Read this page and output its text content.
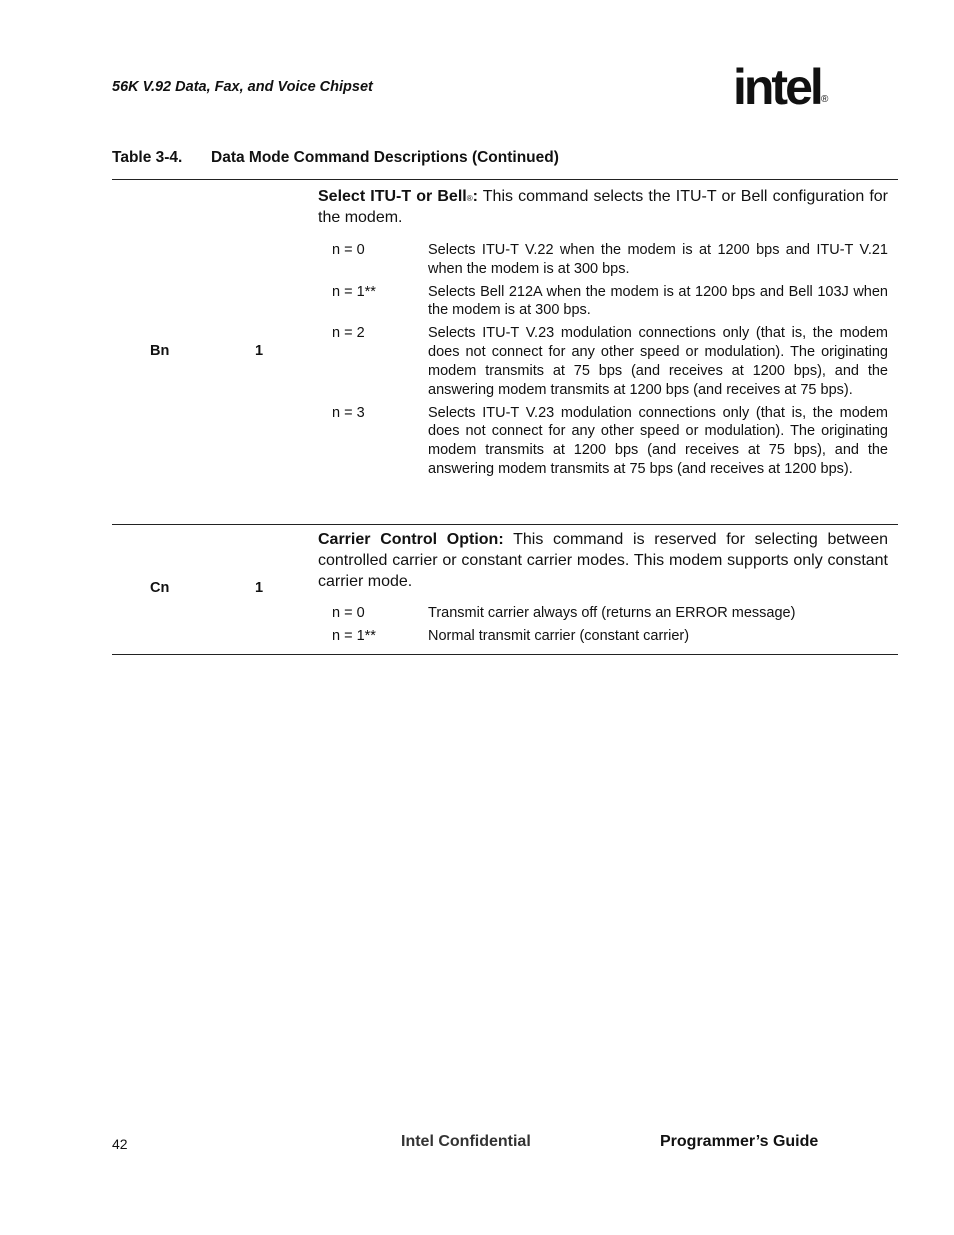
56K V.92 Data, Fax, and Voice Chipset	intel ®
Table 3-4. Data Mode Command Descriptions (Continued)
Bn	1
Select ITU-T or Bell®: This command selects the ITU-T or Bell configuration for the modem.
n = 0	Selects ITU-T V.22 when the modem is at 1200 bps and ITU-T V.21 when the modem is at 300 bps.
n = 1**	Selects Bell 212A when the modem is at 1200 bps and Bell 103J when the modem is at 300 bps.
n = 2	Selects ITU-T V.23 modulation connections only (that is, the modem does not connect for any other speed or modulation). The originating modem transmits at 75 bps (and receives at 1200 bps), and the answering modem transmits at 1200 bps (and receives at 75 bps).
n = 3	Selects ITU-T V.23 modulation connections only (that is, the modem does not connect for any other speed or modulation). The originating modem transmits at 1200 bps (and receives at 75 bps), and the answering modem transmits at 75 bps (and receives at 1200 bps).
Cn	1
Carrier Control Option: This command is reserved for selecting between controlled carrier or constant carrier modes. This modem supports only constant carrier mode.
n = 0	Transmit carrier always off (returns an ERROR message)
n = 1**	Normal transmit carrier (constant carrier)
42	Intel Confidential	Programmer’s Guide
